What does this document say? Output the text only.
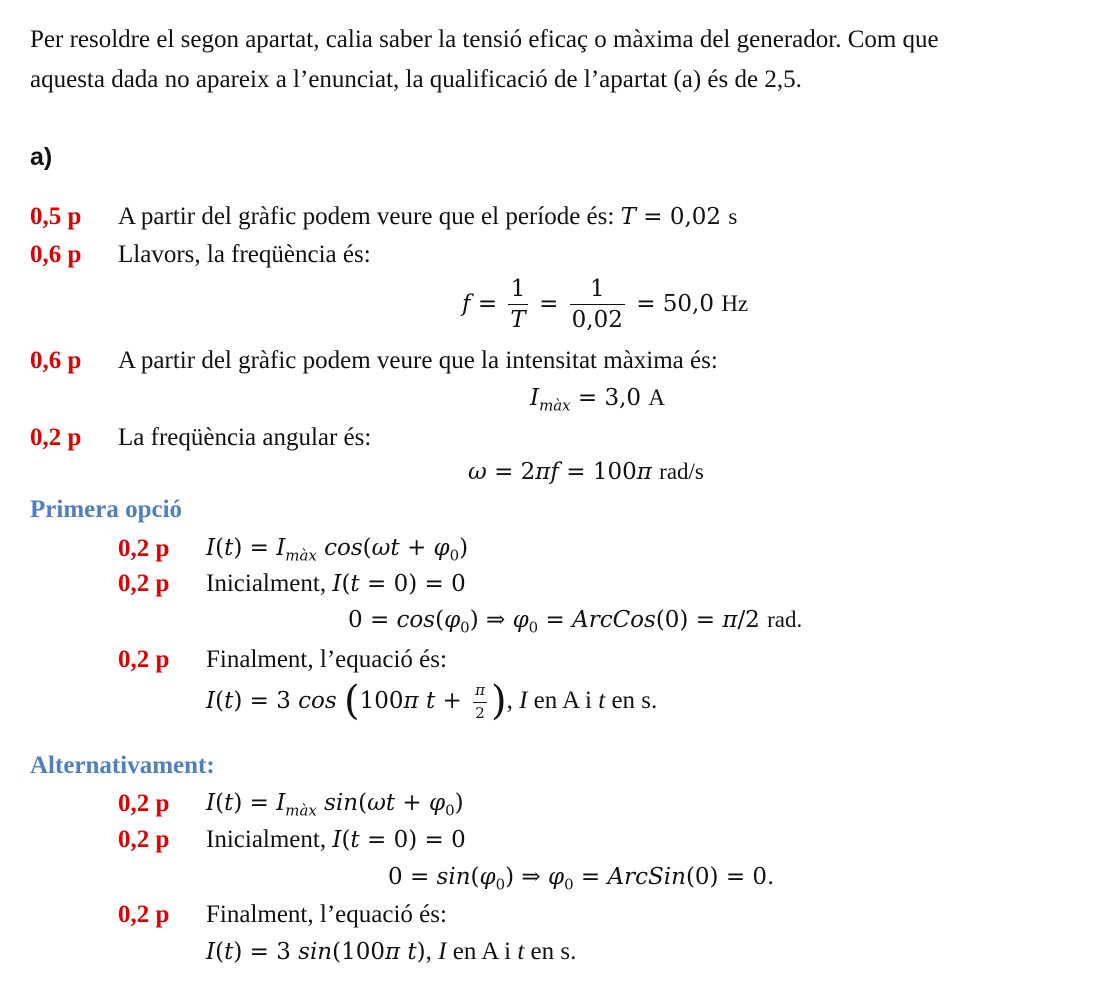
Per resoldre el segon apartat, calia saber la tensió eficaç o màxima del generador. Com que
aquesta dada no apareix a l’enunciat, la qualificació de l’apartat (a) és de 2,5.
a)
0,5 p A partir del gràfic podem veure que el període és: T = 0,02 s
0,6 p Llavors, la freqüència és:
$f = \frac{1}{T} = \frac{1}{0,02} = 50,0$ Hz
0,6 p A partir del gràfic podem veure que la intensitat màxima és:
$I_{màx} = 3,0$ A
0,2 p La freqüència angular és:
ω = 2πf = 100π rad/s
Primera opció
0,2 p $I(t) = I_{màx}$ $\cos(\omega t + \varphi_0)$
0,2 p Inicialment, I(t = 0) = 0
$0 = \cos(\varphi_0)$ ⇒ $\varphi_0$ = ArcCos(0) = π/2 rad.
0,2 p Finalment, l’equació és:
I(t) = 3 cos (100π $t + \frac{\pi}{2}$ ), I en A i t en s.
Alternativament:
0,2 p $I(t) = I_{màx}$ $\sin(\omega t + \varphi_0)$
0,2 p Inicialment, I(t = 0) = 0
$0 = \sin(\varphi_0)$ ⇒ $\varphi_0$ = ArcSin(0) = 0.
0,2 p Finalment, l’equació és:
I(t) = 3 sin(100π t), I en A i t en s.
